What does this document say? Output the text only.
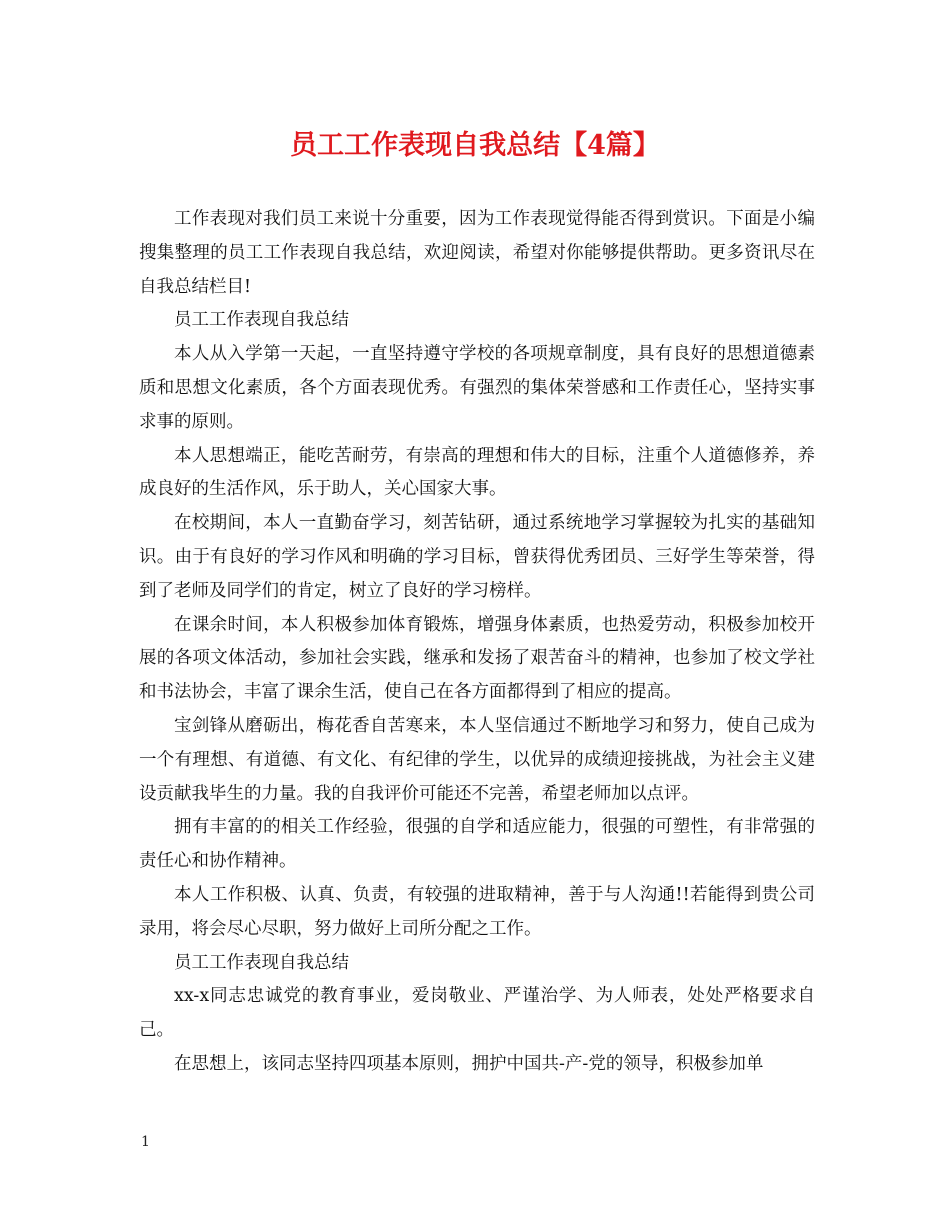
员工工作表现自我总结【4篇】

工作表现对我们员工来说十分重要，因为工作表现觉得能否得到赏识。下面是小编搜集整理的员工工作表现自我总结，欢迎阅读，希望对你能够提供帮助。更多资讯尽在自我总结栏目!

员工工作表现自我总结

本人从入学第一天起，一直坚持遵守学校的各项规章制度，具有良好的思想道德素质和思想文化素质，各个方面表现优秀。有强烈的集体荣誉感和工作责任心，坚持实事求事的原则。

本人思想端正，能吃苦耐劳，有崇高的理想和伟大的目标，注重个人道德修养，养成良好的生活作风，乐于助人，关心国家大事。

在校期间，本人一直勤奋学习，刻苦钻研，通过系统地学习掌握较为扎实的基础知识。由于有良好的学习作风和明确的学习目标，曾获得优秀团员、三好学生等荣誉，得到了老师及同学们的肯定，树立了良好的学习榜样。

在课余时间，本人积极参加体育锻炼，增强身体素质，也热爱劳动，积极参加校开展的各项文体活动，参加社会实践，继承和发扬了艰苦奋斗的精神，也参加了校文学社和书法协会，丰富了课余生活，使自己在各方面都得到了相应的提高。

宝剑锋从磨砺出，梅花香自苦寒来，本人坚信通过不断地学习和努力，使自己成为一个有理想、有道德、有文化、有纪律的学生，以优异的成绩迎接挑战，为社会主义建设贡献我毕生的力量。我的自我评价可能还不完善，希望老师加以点评。

拥有丰富的的相关工作经验，很强的自学和适应能力，很强的可塑性，有非常强的责任心和协作精神。

本人工作积极、认真、负责，有较强的进取精神，善于与人沟通!!若能得到贵公司录用，将会尽心尽职，努力做好上司所分配之工作。

员工工作表现自我总结

xx-x同志忠诚党的教育事业，爱岗敬业、严谨治学、为人师表，处处严格要求自己。

在思想上，该同志坚持四项基本原则，拥护中国共-产-党的领导，积极参加单

1
